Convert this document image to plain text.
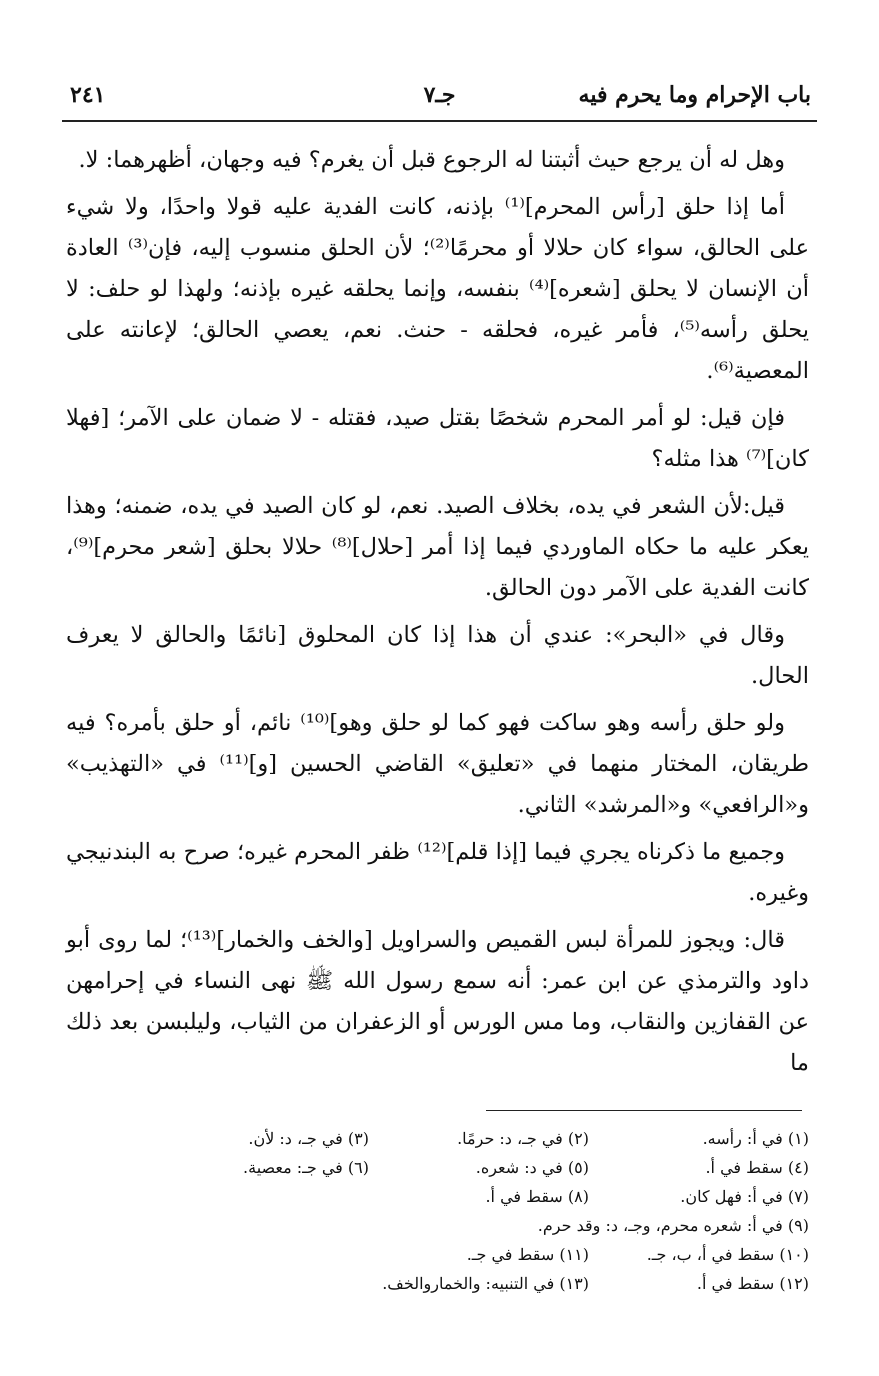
باب الإحرام وما يحرم فيه
جـ٧
٢٤١

وهل له أن يرجع حيث أثبتنا له الرجوع قبل أن يغرم؟ فيه وجهان، أظهرهما: لا.

أما إذا حلق [رأس المحرم]⁽¹⁾ بإذنه، كانت الفدية عليه قولا واحدًا، ولا شيء على الحالق، سواء كان حلالا أو محرمًا⁽²⁾؛ لأن الحلق منسوب إليه، فإن⁽³⁾ العادة أن الإنسان لا يحلق [شعره]⁽⁴⁾ بنفسه، وإنما يحلقه غيره بإذنه؛ ولهذا لو حلف: لا يحلق رأسه⁽⁵⁾، فأمر غيره، فحلقه - حنث. نعم، يعصي الحالق؛ لإعانته على المعصية⁽⁶⁾.

فإن قيل: لو أمر المحرم شخصًا بقتل صيد، فقتله - لا ضمان على الآمر؛ [فهلا كان]⁽⁷⁾ هذا مثله؟

قيل:لأن الشعر في يده، بخلاف الصيد. نعم، لو كان الصيد في يده، ضمنه؛ وهذا يعكر عليه ما حكاه الماوردي فيما إذا أمر [حلال]⁽⁸⁾ حلالا بحلق [شعر محرم]⁽⁹⁾، كانت الفدية على الآمر دون الحالق.

وقال في «البحر»: عندي أن هذا إذا كان المحلوق [نائمًا والحالق لا يعرف الحال.

ولو حلق رأسه وهو ساكت فهو كما لو حلق وهو]⁽¹⁰⁾ نائم، أو حلق بأمره؟ فيه طريقان، المختار منهما في «تعليق» القاضي الحسين [و]⁽¹¹⁾ في «التهذيب» و«الرافعي» و«المرشد» الثاني.

وجميع ما ذكرناه يجري فيما [إذا قلم]⁽¹²⁾ ظفر المحرم غيره؛ صرح به البندنيجي وغيره.

قال: ويجوز للمرأة لبس القميص والسراويل [والخف والخمار]⁽¹³⁾؛ لما روى أبو داود والترمذي عن ابن عمر: أنه سمع رسول الله ﷺ نهى النساء في إحرامهن عن القفازين والنقاب، وما مس الورس أو الزعفران من الثياب، وليلبسن بعد ذلك ما

(١) في أ: رأسه.
(٢) في جـ، د: حرمًا.
(٣) في جـ، د: لأن.
(٤) سقط في أ.
(٥) في د: شعره.
(٦) في جـ: معصية.
(٧) في أ: فهل كان.
(٨) سقط في أ.
(٩) في أ: شعره محرم، وجـ، د: وقد حرم.
(١٠) سقط في أ، ب، جـ.
(١١) سقط في جـ.
(١٢) سقط في أ.
(١٣) في التنبيه: والخماروالخف.
